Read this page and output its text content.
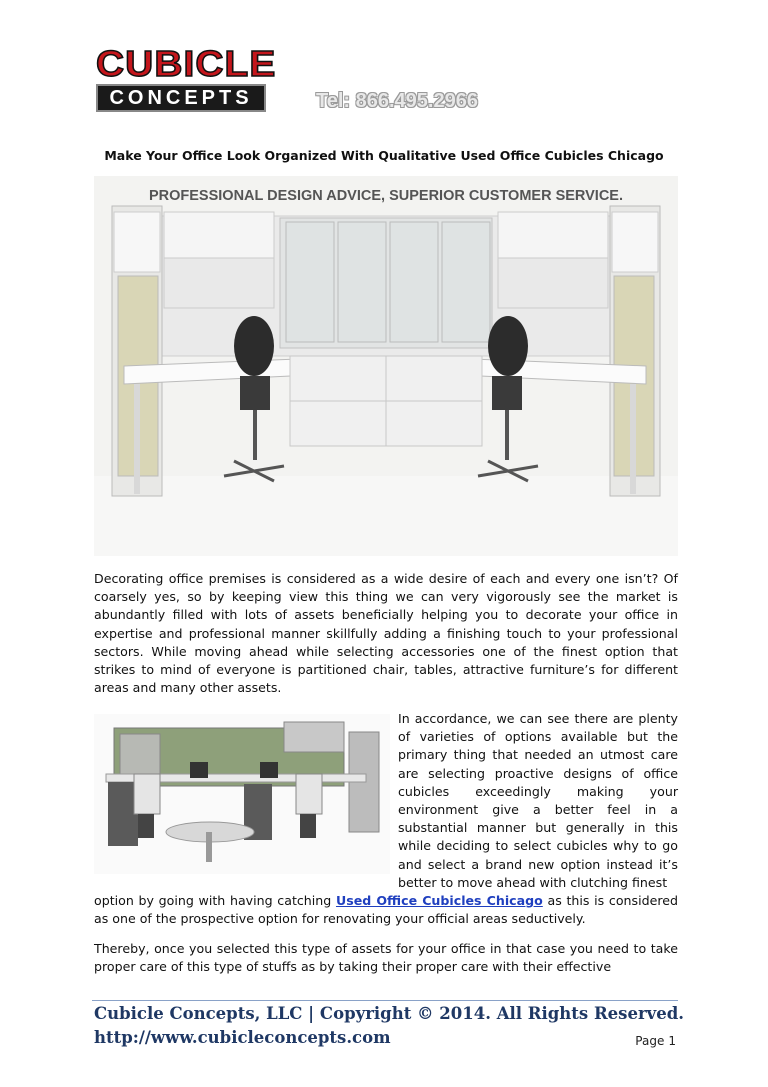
CUBICLE
CONCEPTS	Tel: 866.495.2966
Make Your Office Look Organized With Qualitative Used Office Cubicles Chicago
PROFESSIONAL DESIGN ADVICE, SUPERIOR CUSTOMER SERVICE.

Decorating office premises is considered as a wide desire of each and every one isn’t? Of coarsely yes, so by keeping view this thing we can very vigorously see the market is abundantly filled with lots of assets beneficially helping you to decorate your office in expertise and professional manner skillfully adding a finishing touch to your professional sectors. While moving ahead while selecting accessories one of the finest option that strikes to mind of everyone is partitioned chair, tables, attractive furniture’s for different areas and many other assets.

In accordance, we can see there are plenty of varieties of options available but the primary thing that needed an utmost care are selecting proactive designs of office cubicles exceedingly making your environment give a better feel in a substantial manner but generally in this while deciding to select cubicles why to go and select a brand new option instead it’s better to move ahead with clutching finest

option by going with having catching Used Office Cubicles Chicago as this is considered as one of the prospective option for renovating your official areas seductively.

Thereby, once you selected this type of assets for your office in that case you need to take proper care of this type of stuffs as by taking their proper care with their effective

Cubicle Concepts, LLC | Copyright © 2014. All Rights Reserved.
http://www.cubicleconcepts.com	Page 1
